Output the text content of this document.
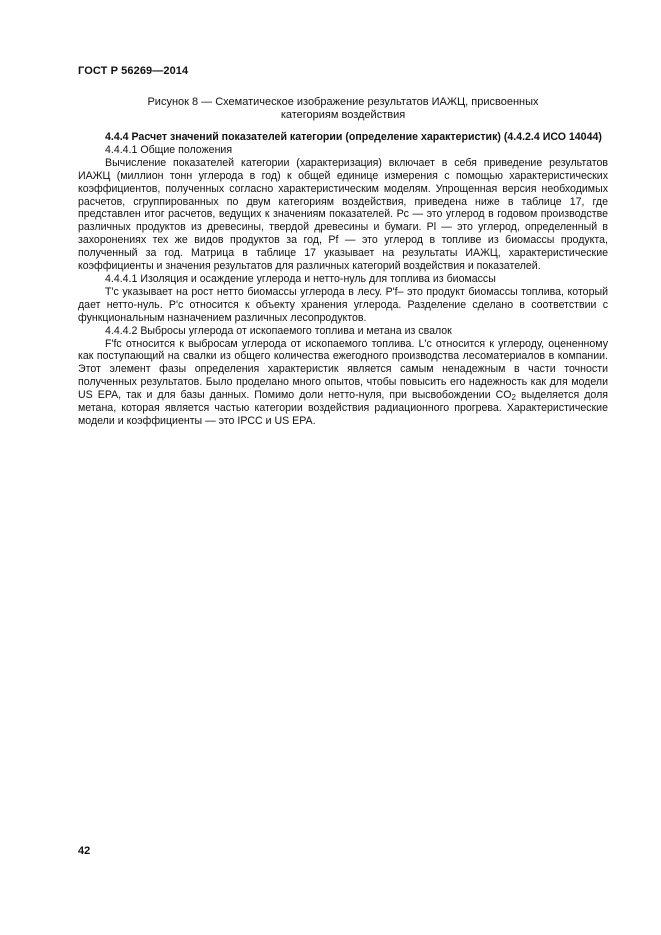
ГОСТ Р 56269—2014
Рисунок 8 — Схематическое изображение результатов ИАЖЦ, присвоенных
категориям воздействия
4.4.4 Расчет значений показателей категории (определение характеристик) (4.4.2.4 ИСО 14044)
4.4.4.1 Общие положения

Вычисление показателей категории (характеризация) включает в себя приведение результатов ИАЖЦ (миллион тонн углерода в год) к общей единице измерения с помощью характеристических коэффициентов, полученных согласно характеристическим моделям. Упрощенная версия необходимых расчетов, сгруппированных по двум категориям воздействия, приведена ниже в таблице 17, где представлен итог расчетов, ведущих к значениям показателей. Pc — это углерод в годовом производстве различных продуктов из древесины, твердой древесины и бумаги. Pl — это углерод, определенный в захоронениях тех же видов продуктов за год, Pf — это углерод в топливе из биомассы продукта, полученный за год. Матрица в таблице 17 указывает на результаты ИАЖЦ, характеристические коэффициенты и значения результатов для различных категорий воздействия и показателей.

4.4.4.1 Изоляция и осаждение углерода и нетто-нуль для топлива из биомассы

T'c указывает на рост нетто биомассы углерода в лесу. P'f– это продукт биомассы топлива, который дает нетто-нуль. P'c относится к объекту хранения углерода. Разделение сделано в соответствии с функциональным назначением различных лесопродуктов.

4.4.4.2 Выбросы углерода от ископаемого топлива и метана из свалок

F'fc относится к выбросам углерода от ископаемого топлива. L'c относится к углероду, оцененному как поступающий на свалки из общего количества ежегодного производства лесоматериалов в компании. Этот элемент фазы определения характеристик является самым ненадежным в части точности полученных результатов. Было проделано много опытов, чтобы повысить его надежность как для модели US EPA, так и для базы данных. Помимо доли нетто-нуля, при высвобождении $CO_2$ выделяется доля метана, которая является частью категории воздействия радиационного прогрева. Характеристические модели и коэффициенты — это IPCC и US EPA.

42
